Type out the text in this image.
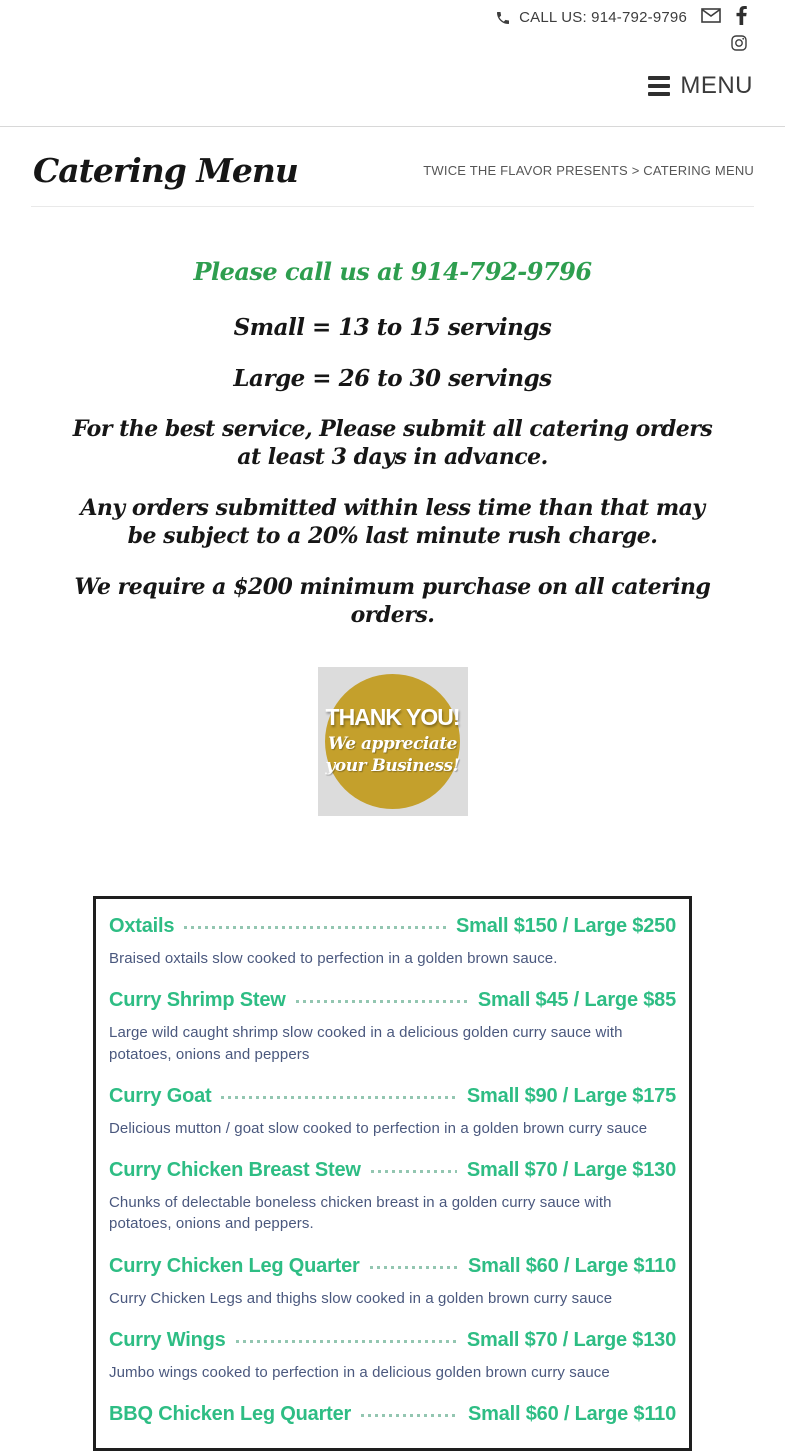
CALL US: 914-792-9796
MENU
Catering Menu	TWICE THE FLAVOR PRESENTS > CATERING MENU

Please call us at 914-792-9796

Small = 13 to 15 servings

Large = 26 to 30 servings

For the best service, Please submit all catering orders at least 3 days in advance.

Any orders submitted within less time than that may be subject to a 20% last minute rush charge.

We require a $200 minimum purchase on all catering orders.

THANK YOU!
We appreciate
your Business!
Oxtails	Small $150 / Large $250

Braised oxtails slow cooked to perfection in a golden brown sauce.

Curry Shrimp Stew	Small $45 / Large $85

Large wild caught shrimp slow cooked in a delicious golden curry sauce with potatoes, onions and peppers

Curry Goat	Small $90 / Large $175

Delicious mutton / goat slow cooked to perfection in a golden brown curry sauce

Curry Chicken Breast Stew	Small $70 / Large $130

Chunks of delectable boneless chicken breast in a golden curry sauce with potatoes, onions and peppers.

Curry Chicken Leg Quarter	Small $60 / Large $110

Curry Chicken Legs and thighs slow cooked in a golden brown curry sauce

Curry Wings	Small $70 / Large $130

Jumbo wings cooked to perfection in a delicious golden brown curry sauce

BBQ Chicken Leg Quarter	Small $60 / Large $110
